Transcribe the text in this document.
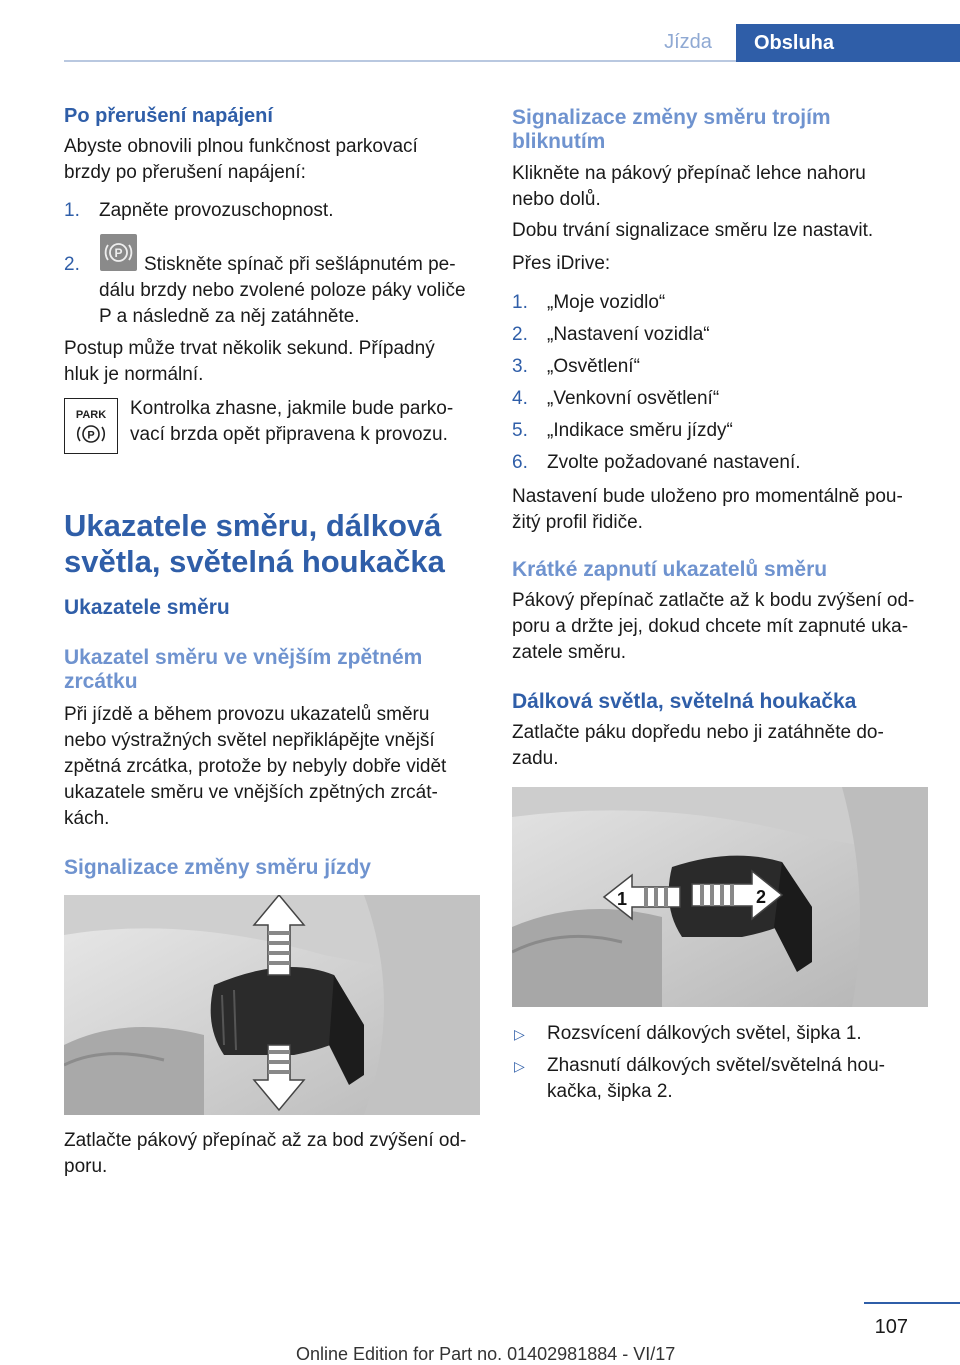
Jízda	Obsluha
Po přerušení napájení
Abyste obnovili plnou funkčnost parkovací brzdy po přerušení napájení:
1. Zapněte provozuschopnost.
2.
P
Stiskněte spínač při sešlápnutém pe- dálu brzdy nebo zvolené poloze páky voliče P a následně za něj zatáhněte.
Postup může trvat několik sekund. Případný hluk je normální.
PARK
P
Kontrolka zhasne, jakmile bude parko- vací brzda opět připravena k provozu.
Ukazatele směru, dálková světla, světelná houkačka
Ukazatele směru
Ukazatel směru ve vnějším zpětném zrcátku
Při jízdě a během provozu ukazatelů směru nebo výstražných světel nepřiklápějte vnější zpětná zrcátka, protože by nebyly dobře vidět ukazatele směru ve vnějších zpětných zrcát- kách.
Signalizace změny směru jízdy
Zatlačte pákový přepínač až za bod zvýšení od- poru.
Signalizace změny směru trojím bliknutím
Klikněte na pákový přepínač lehce nahoru nebo dolů.
Dobu trvání signalizace směru lze nastavit.
Přes iDrive:
1. „Moje vozidlo“
2. „Nastavení vozidla“
3. „Osvětlení“
4. „Venkovní osvětlení“
5. „Indikace směru jízdy“
6. Zvolte požadované nastavení.
Nastavení bude uloženo pro momentálně pou- žitý profil řidiče.
Krátké zapnutí ukazatelů směru
Pákový přepínač zatlačte až k bodu zvýšení od- poru a držte jej, dokud chcete mít zapnuté uka- zatele směru.
Dálková světla, světelná houkačka
Zatlačte páku dopředu nebo ji zatáhněte do- zadu.
1	2
▷ Rozsvícení dálkových světel, šipka 1.
▷ Zhasnutí dálkových světel/světelná hou- kačka, šipka 2.
107
Online Edition for Part no. 01402981884 - VI/17
